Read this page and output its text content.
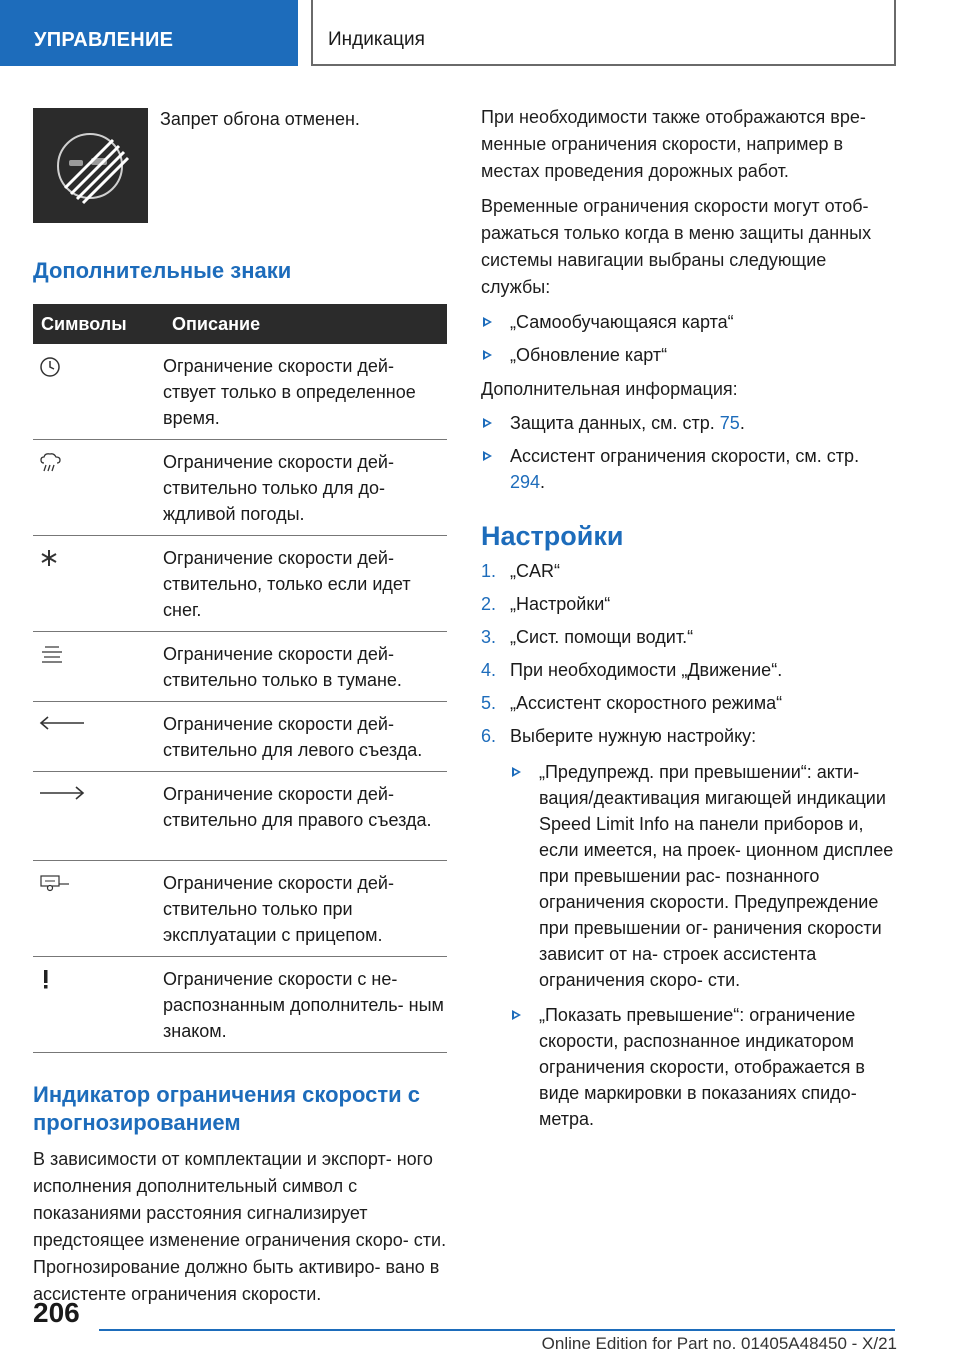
УПРАВЛЕНИЕ	Индикация
Запрет обгона отменен.
Дополнительные знаки
Символы	Описание

	Ограничение скорости дей- ствует только в определенное время.

	Ограничение скорости дей- ствительно только для до- ждливой погоды.

	Ограничение скорости дей- ствительно, только если идет снег.

	Ограничение скорости дей- ствительно только в тумане.

	Ограничение скорости дей- ствительно для левого съезда.

	Ограничение скорости дей- ствительно для правого съезда.

	Ограничение скорости дей- ствительно только при эксплуатации с прицепом.

	Ограничение скорости с не- распознанным дополнитель- ным знаком.
Индикатор ограничения скорости с прогнозированием
В зависимости от комплектации и экспорт- ного исполнения дополнительный символ с показаниями расстояния сигнализирует предстоящее изменение ограничения скоро- сти. Прогнозирование должно быть активиро- вано в ассистенте ограничения скорости.
При необходимости также отображаются вре- менные ограничения скорости, например в местах проведения дорожных работ.
Временные ограничения скорости могут отоб- ражаться только когда в меню защиты данных системы навигации выбраны следующие службы:
„Самообучающаяся карта“
„Обновление карт“
Дополнительная информация:
Защита данных, см. стр. 75.
Ассистент ограничения скорости, см. стр. 294.
Настройки
1. „CAR“
2. „Настройки“
3. „Сист. помощи водит.“
4. При необходимости „Движение“.
5. „Ассистент скоростного режима“
6. Выберите нужную настройку:
„Предупрежд. при превышении“: акти- вация/деактивация мигающей индикации Speed Limit Info на панели приборов и, если имеется, на проек- ционном дисплее при превышении рас- познанного ограничения скорости. Предупреждение при превышении ог- раничения скорости зависит от на- строек ассистента ограничения скоро- сти.
„Показать превышение“: ограничение скорости, распознанное индикатором ограничения скорости, отображается в виде маркировки в показаниях спидо- метра.
206
Online Edition for Part no. 01405A48450 - X/21
